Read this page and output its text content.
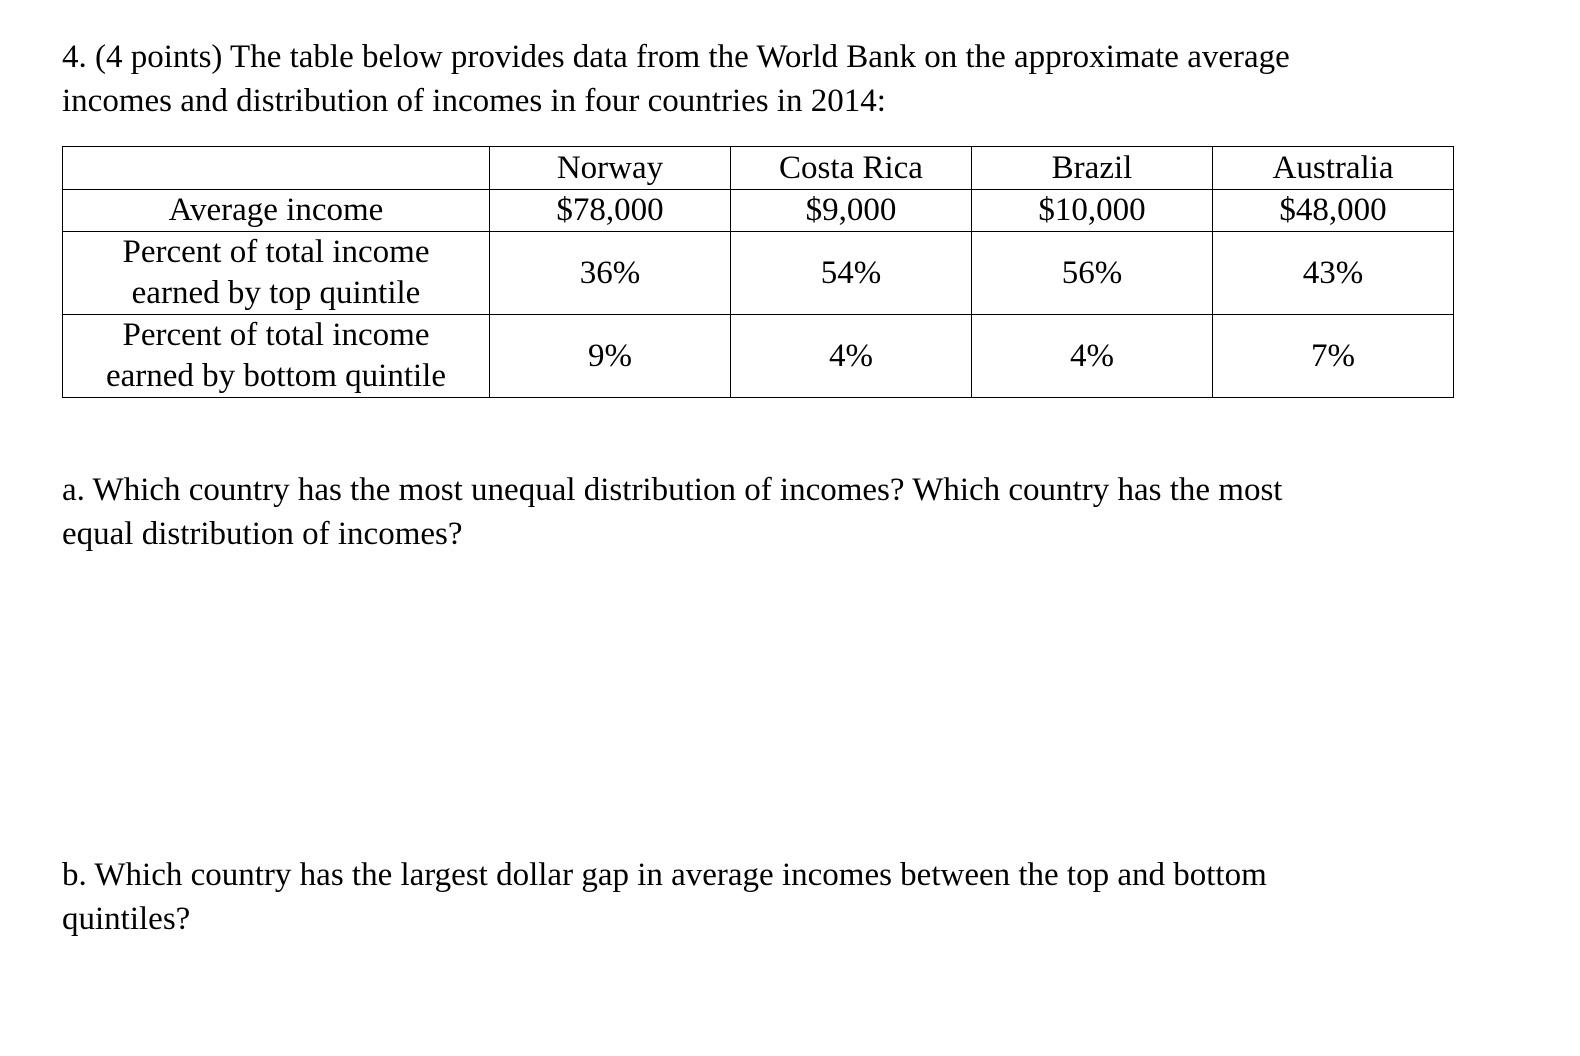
4. (4 points) The table below provides data from the World Bank on the approximate average
incomes and distribution of incomes in four countries in 2014:

	Norway	Costa Rica	Brazil	Australia

Average income	$78,000	$9,000	$10,000	$48,000

Percent of total income
earned by top quintile	36%	54%	56%	43%

Percent of total income
earned by bottom quintile	9%	4%	4%	7%

a. Which country has the most unequal distribution of incomes? Which country has the most
equal distribution of incomes?

b. Which country has the largest dollar gap in average incomes between the top and bottom
quintiles?
